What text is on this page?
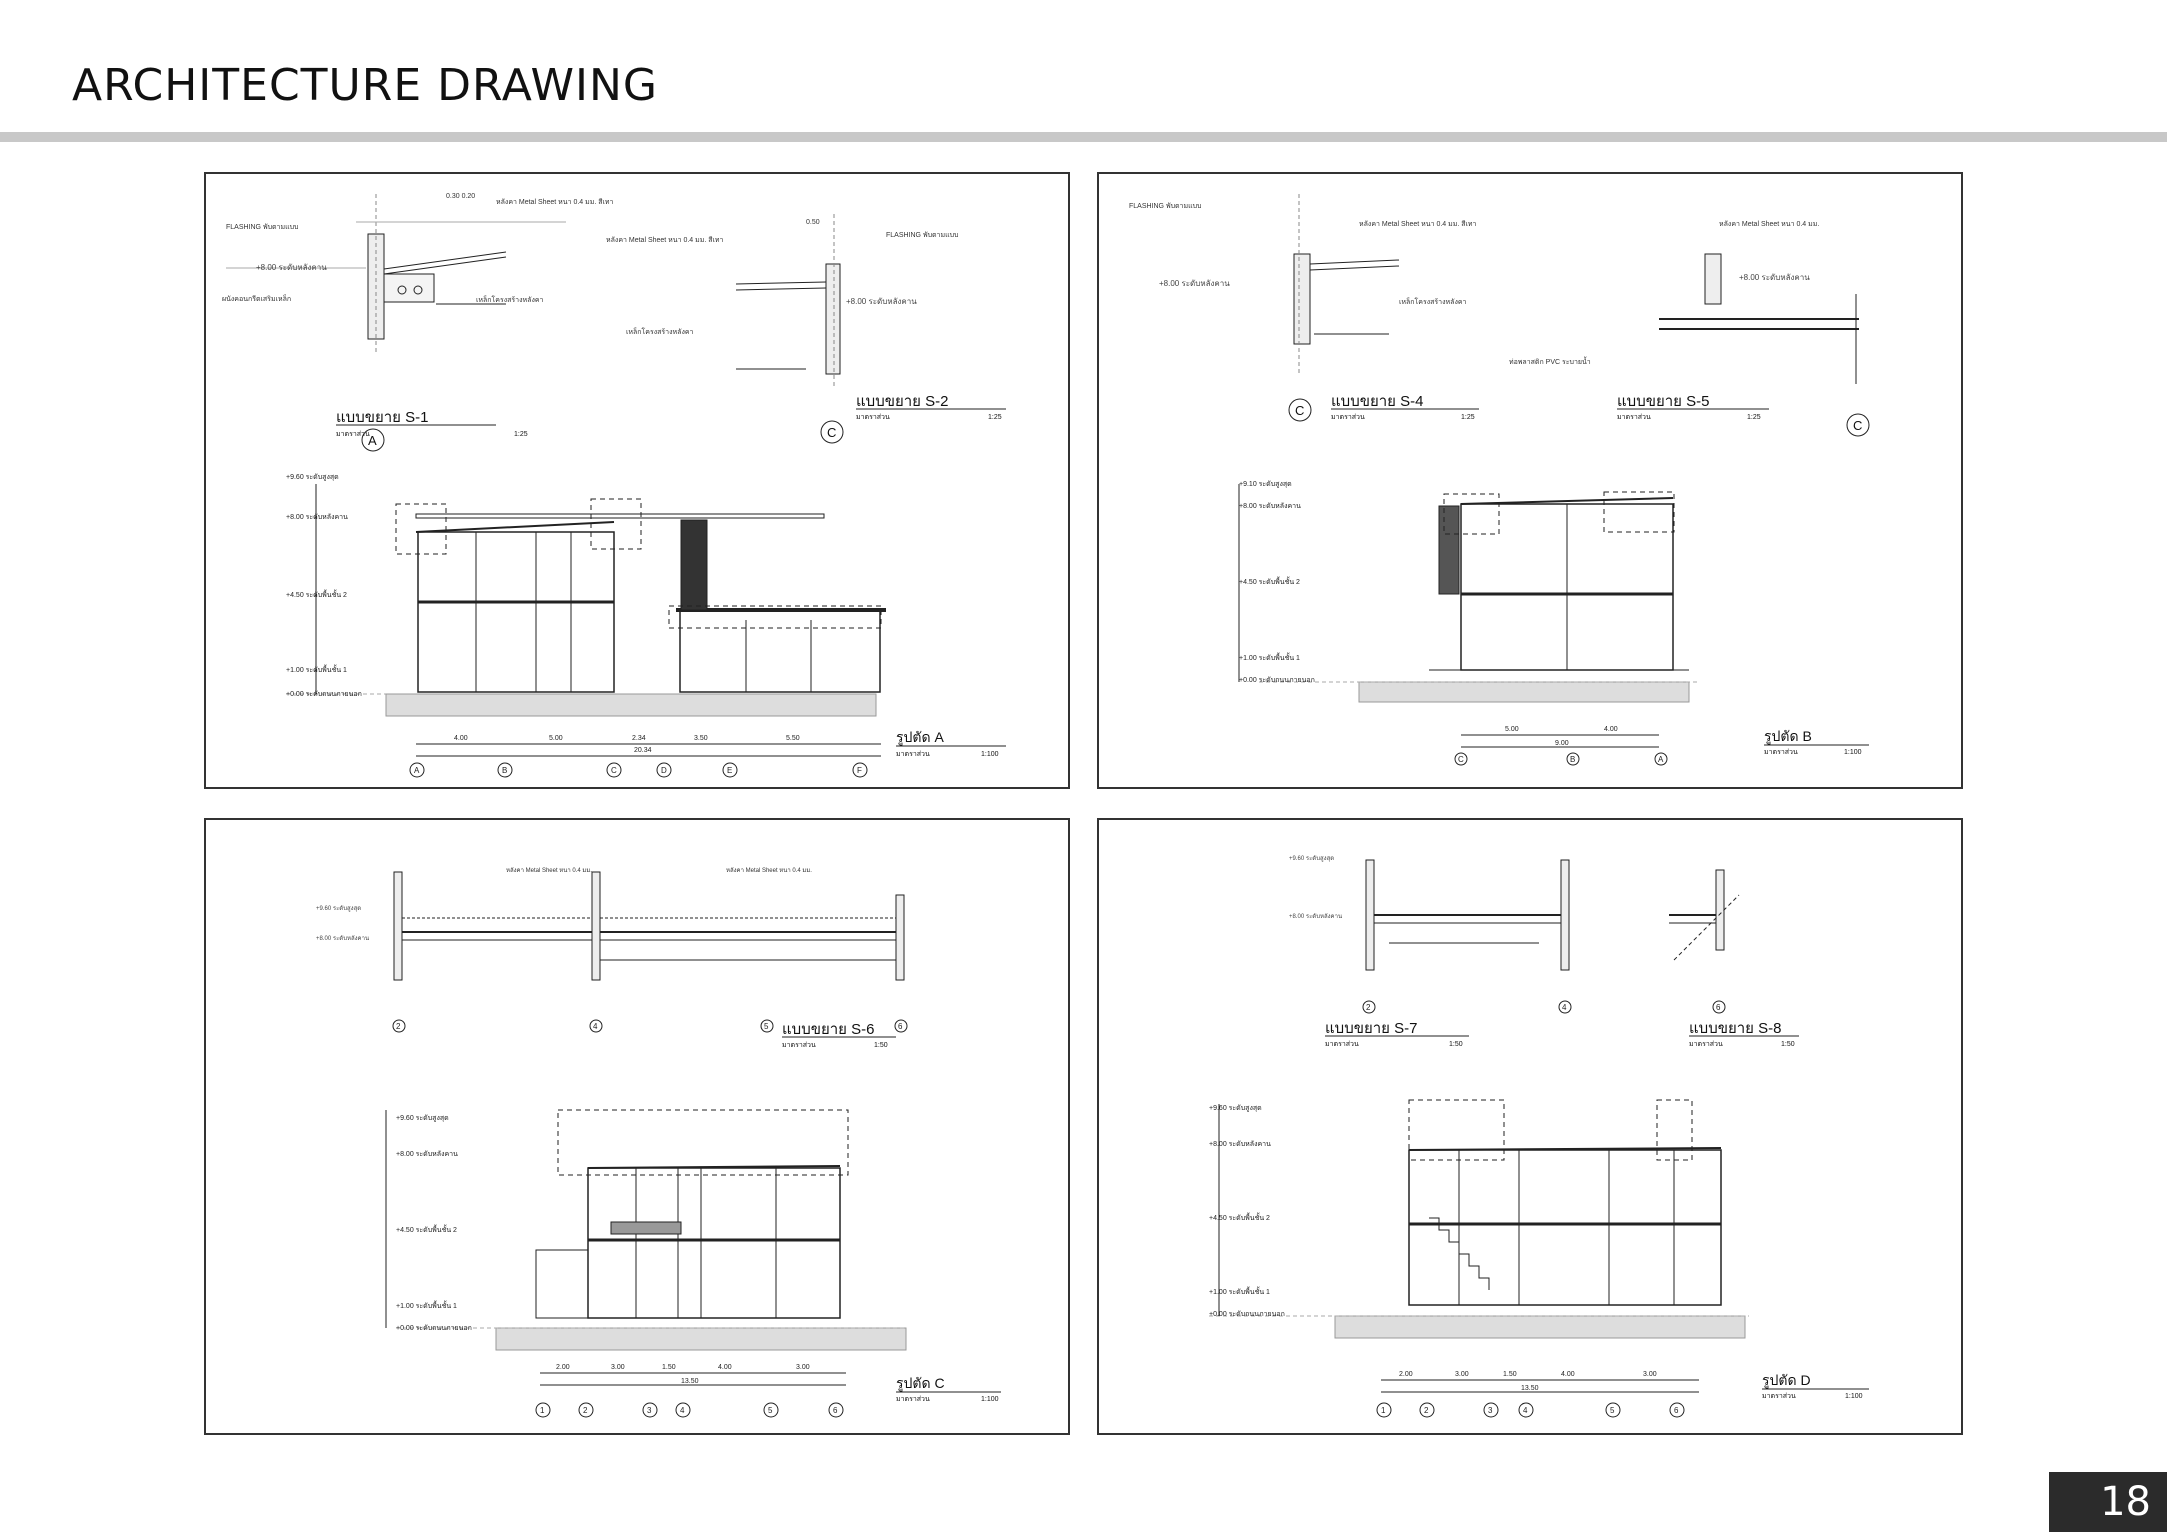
ARCHITECTURE DRAWING
0.30 0.20
หลังคา Metal Sheet หนา 0.4 มม. สีเทา
FLASHING พับตามแบบ
+8.00 ระดับหลังคาน
ผนังคอนกรีตเสริมเหล็ก	เหล็กโครงสร้างหลังคา
แบบขยาย S-1
มาตราส่วน	1:25
A
0.50
FLASHING พับตามแบบ
หลังคา Metal Sheet หนา 0.4 มม. สีเทา
+8.00 ระดับหลังคาน
เหล็กโครงสร้างหลังคา
แบบขยาย S-2
มาตราส่วน	1:25
C
+9.60 ระดับสูงสุด
+8.00 ระดับหลังคาน
+4.50 ระดับพื้นชั้น 2
+1.00 ระดับพื้นชั้น 1
+0.00 ระดับถนนภายนอก
4.00	5.00	2.34	3.50	5.50
20.34
A	B	C	D	E	F
รูปตัด A
มาตราส่วน	1:100
FLASHING พับตามแบบ
หลังคา Metal Sheet หนา 0.4 มม. สีเทา
+8.00 ระดับหลังคาน
เหล็กโครงสร้างหลังคา
C
แบบขยาย S-4
มาตราส่วน	1:25
หลังคา Metal Sheet หนา 0.4 มม.
+8.00 ระดับหลังคาน
ท่อพลาสติก PVC ระบายน้ำ
แบบขยาย S-5
มาตราส่วน	1:25
C
+9.10 ระดับสูงสุด
+8.00 ระดับหลังคาน
+4.50 ระดับพื้นชั้น 2
+1.00 ระดับพื้นชั้น 1
+0.00 ระดับถนนภายนอก
5.00	4.00
9.00
C	B	A
รูปตัด B
มาตราส่วน	1:100
+9.60 ระดับสูงสุด
+8.00 ระดับหลังคาน
หลังคา Metal Sheet หนา 0.4 มม.	หลังคา Metal Sheet หนา 0.4 มม.
2	4	5	6
แบบขยาย S-6
มาตราส่วน	1:50
+9.60 ระดับสูงสุด
+8.00 ระดับหลังคาน
+4.50 ระดับพื้นชั้น 2
+1.00 ระดับพื้นชั้น 1
+0.00 ระดับถนนภายนอก
2.00	3.00	1.50	4.00	3.00
13.50
1	2	3	4	5	6
รูปตัด C
มาตราส่วน	1:100
+9.60 ระดับสูงสุด
+8.00 ระดับหลังคาน
2	4	6
แบบขยาย S-7
มาตราส่วน	1:50
แบบขยาย S-8
มาตราส่วน	1:50
+9.60 ระดับสูงสุด
+8.00 ระดับหลังคาน
+4.50 ระดับพื้นชั้น 2
+1.00 ระดับพื้นชั้น 1
+0.00 ระดับถนนภายนอก
2.00	3.00	1.50	4.00	3.00
13.50
1	2	3	4	5	6
รูปตัด D
มาตราส่วน	1:100
18
